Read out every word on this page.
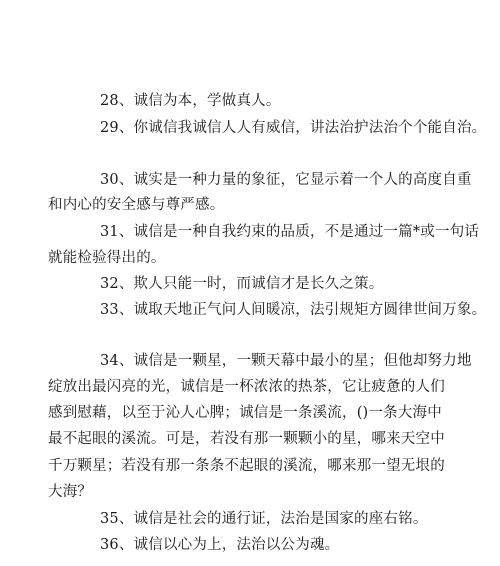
28、诚信为本，学做真人。
29、你诚信我诚信人人有威信，讲法治护法治个个能自治。
30、诚实是一种力量的象征，它显示着一个人的高度自重
和内心的安全感与尊严感。
31、诚信是一种自我约束的品质，不是通过一篇*或一句话
就能检验得出的。
32、欺人只能一时，而诚信才是长久之策。
33、诚取天地正气问人间暖凉，法引规矩方圆律世间万象。
34、诚信是一颗星，一颗天幕中最小的星；但他却努力地
绽放出最闪亮的光，诚信是一杯浓浓的热茶，它让疲惫的人们
感到慰藉，以至于沁人心脾；诚信是一条溪流，()一条大海中
最不起眼的溪流。可是，若没有那一颗颗小的星，哪来天空中
千万颗星；若没有那一条条不起眼的溪流，哪来那一望无垠的
大海？
35、诚信是社会的通行证，法治是国家的座右铭。
36、诚信以心为上，法治以公为魂。
